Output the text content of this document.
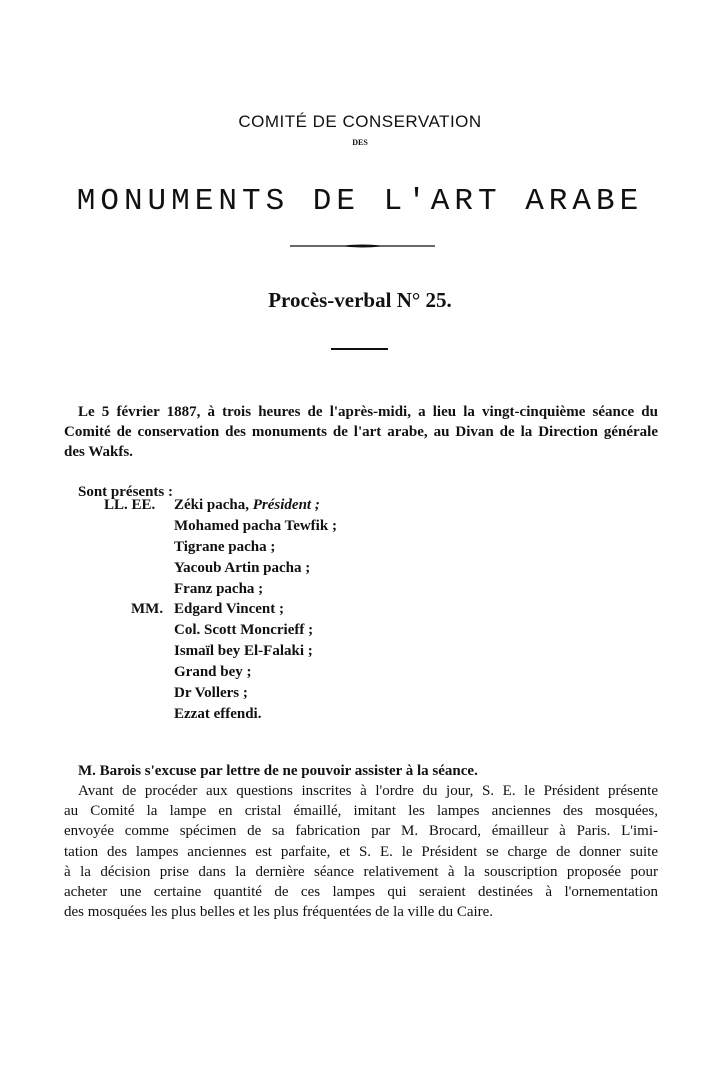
COMITÉ DE CONSERVATION
DES
MONUMENTS DE L'ART ARABE
Procès-verbal N° 25.
Le 5 février 1887, à trois heures de l'après-midi, a lieu la vingt-cinquième séance du
Comité de conservation des monuments de l'art arabe, au Divan de la Direction générale
des Wakfs.
Sont présents :
LL. EE. Zéki pacha, Président ;
Mohamed pacha Tewfik ;
Tigrane pacha ;
Yacoub Artin pacha ;
Franz pacha ;
MM. Edgard Vincent ;
Col. Scott Moncrieff ;
Ismaïl bey El-Falaki ;
Grand bey ;
Dr Vollers ;
Ezzat effendi.
M. Barois s'excuse par lettre de ne pouvoir assister à la séance.
Avant de procéder aux questions inscrites à l'ordre du jour, S. E. le Président présente
au Comité la lampe en cristal émaillé, imitant les lampes anciennes des mosquées,
envoyée comme spécimen de sa fabrication par M. Brocard, émailleur à Paris. L'imi-
tation des lampes anciennes est parfaite, et S. E. le Président se charge de donner suite
à la décision prise dans la dernière séance relativement à la souscription proposée pour
acheter une certaine quantité de ces lampes qui seraient destinées à l'ornementation
des mosquées les plus belles et les plus fréquentées de la ville du Caire.
